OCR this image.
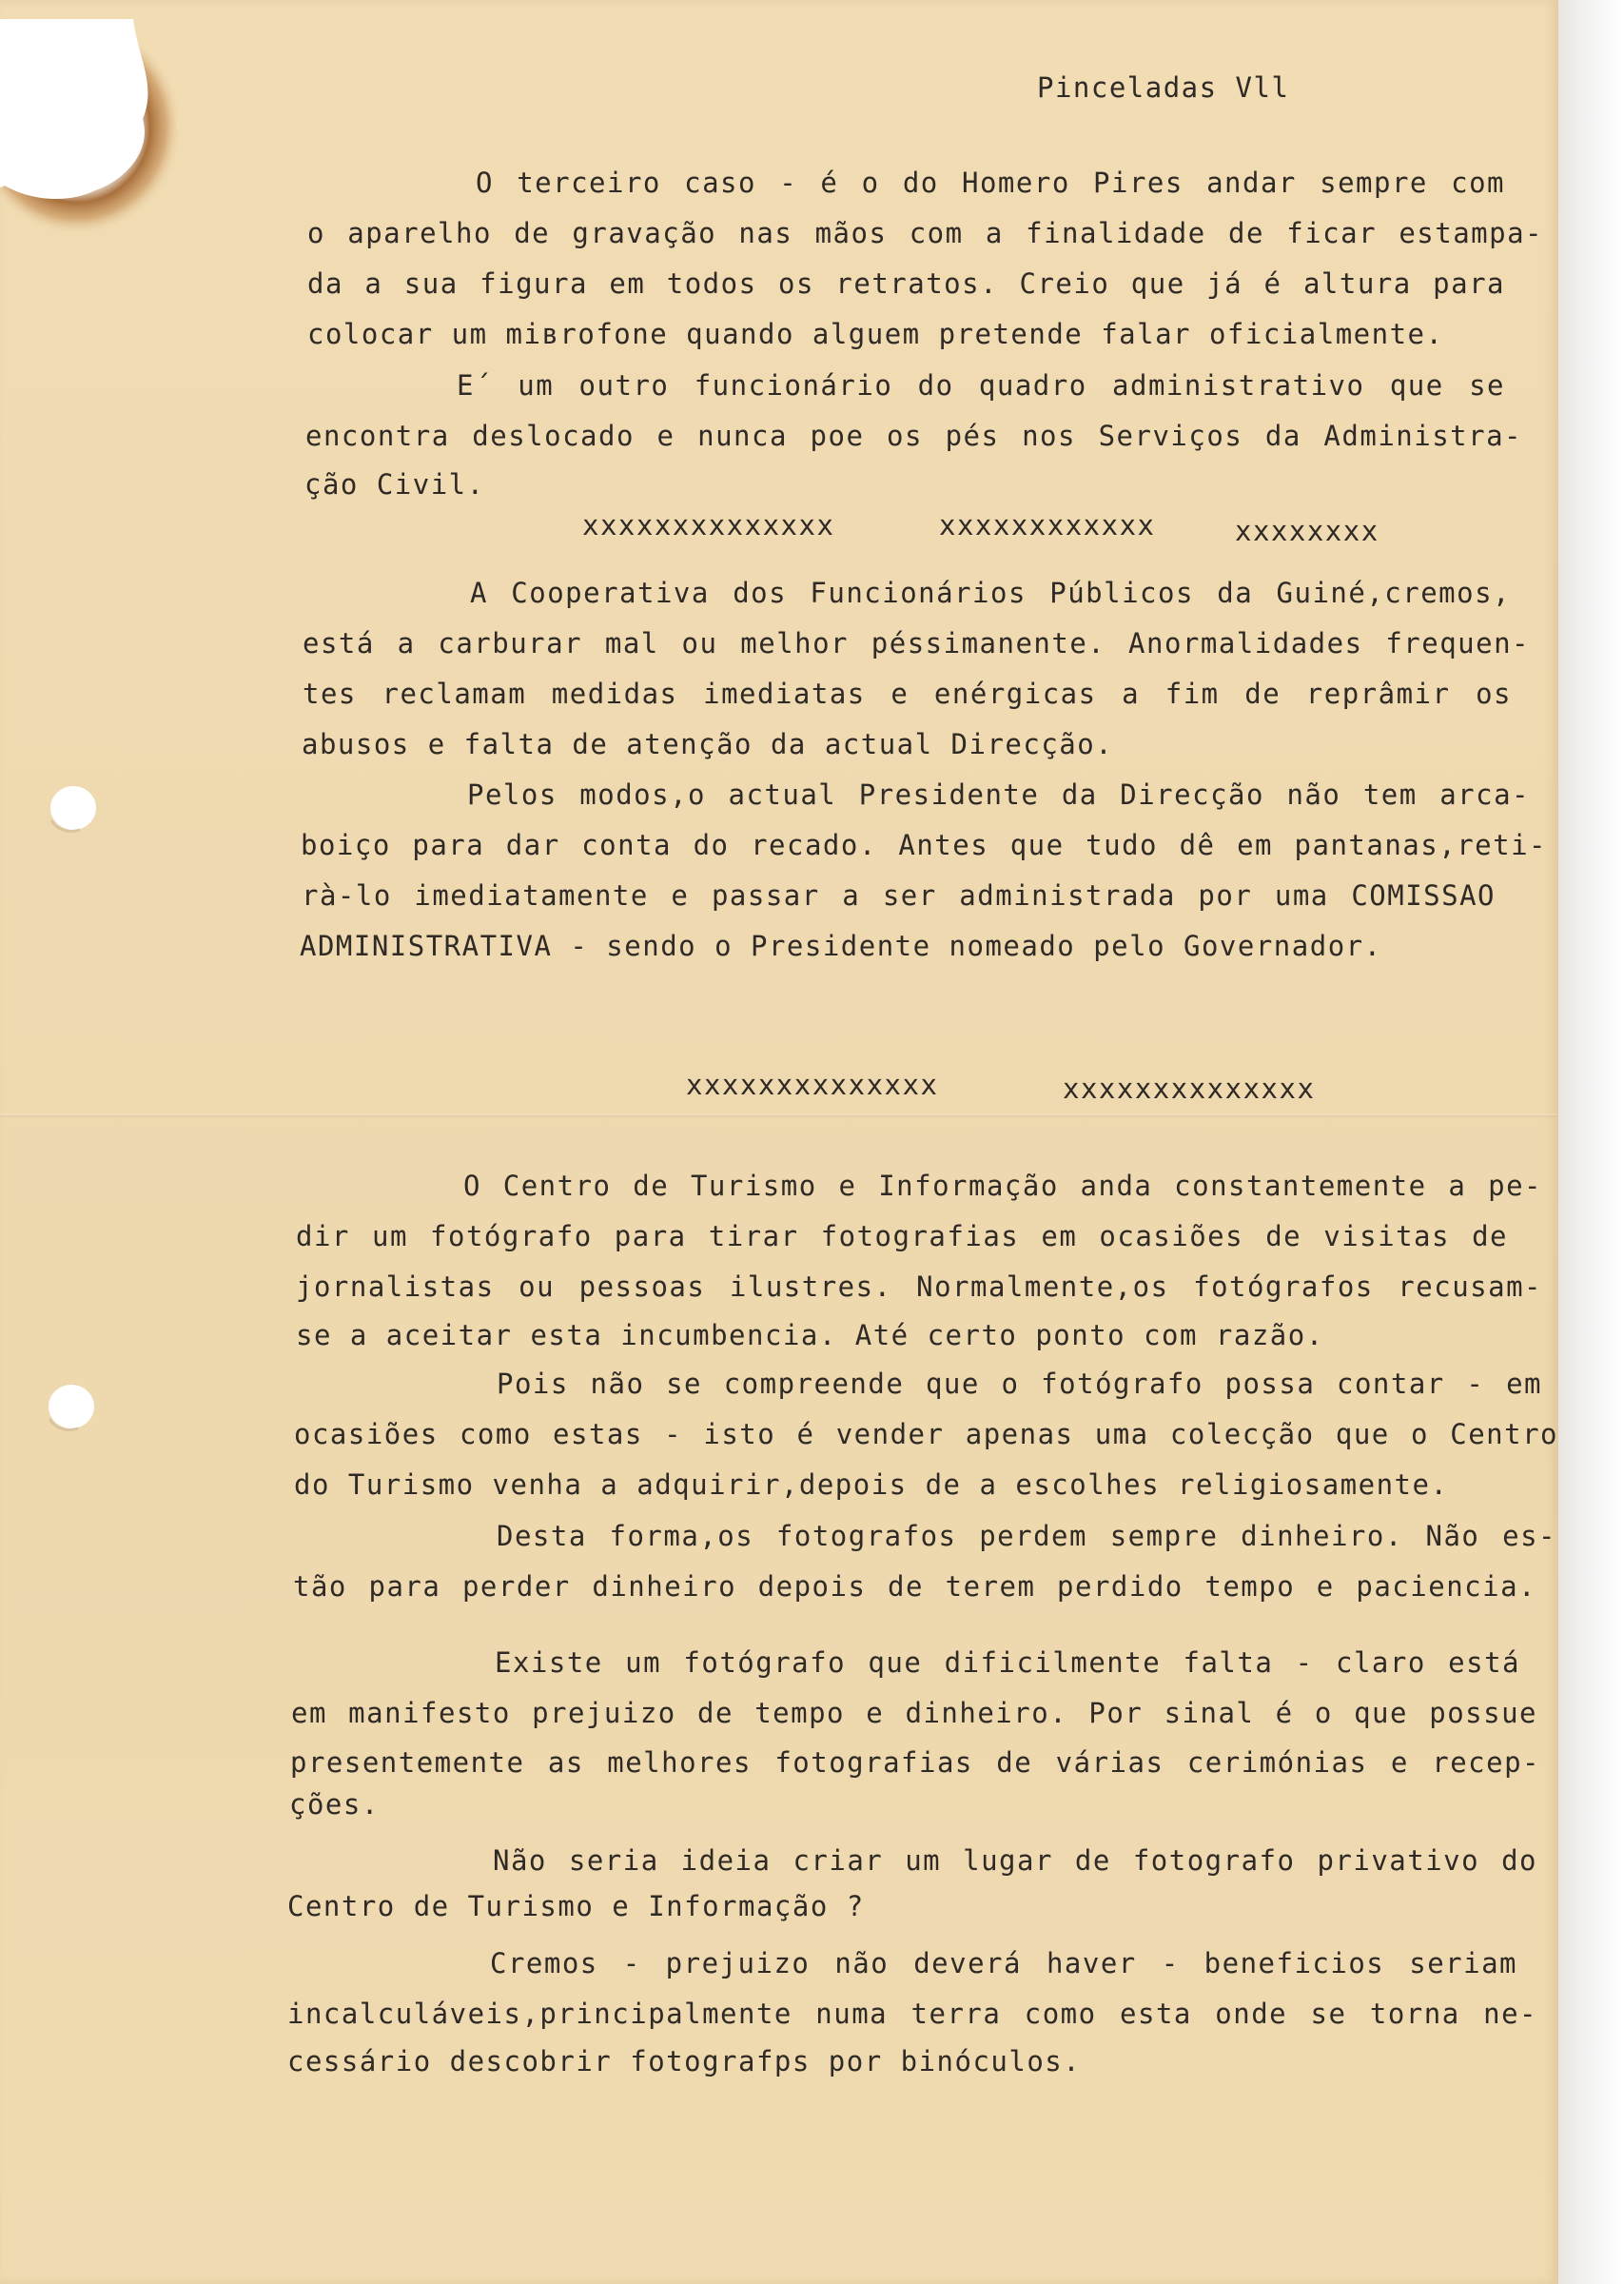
Pinceladas Vll
O terceiro caso - é o do Homero Pires andar sempre com
o aparelho de gravação nas mãos com a finalidade de ficar estampa-
da a sua figura em todos os retratos. Creio que já é altura para
colocar um miвrofone quando alguem pretende falar oficialmente.
E´ um outro funcionário do quadro administrativo que se
encontra deslocado e nunca poe os pés nos Serviços da Administra-
ção Civil.
xxxxxxxxxxxxxx	xxxxxxxxxxxx	xxxxxxxx
A Cooperativa dos Funcionários Públicos da Guiné,cremos,
está a carburar mal ou melhor péssimanente. Anormalidades frequen-
tes reclamam medidas imediatas e enérgicas a fim de reprâmir os
abusos e falta de atenção da actual Direcção.
Pelos modos,o actual Presidente da Direcção não tem arca-
boiço para dar conta do recado. Antes que tudo dê em pantanas,reti-
rà-lo imediatamente e passar a ser administrada por uma COMISSAO
ADMINISTRATIVA - sendo o Presidente nomeado pelo Governador.
xxxxxxxxxxxxxx	xxxxxxxxxxxxxx
O Centro de Turismo e Informação anda constantemente a pe-
dir um fotógrafo para tirar fotografias em ocasiões de visitas de
jornalistas ou pessoas ilustres. Normalmente,os fotógrafos recusam-
se a aceitar esta incumbencia. Até certo ponto com razão.
Pois não se compreende que o fotógrafo possa contar - em
ocasiões como estas - isto é vender apenas uma colecção que o Centro
do Turismo venha a adquirir,depois de a escolhes religiosamente.
Desta forma,os fotografos perdem sempre dinheiro. Não es-
tão para perder dinheiro depois de terem perdido tempo e paciencia.
Existe um fotógrafo que dificilmente falta - claro está
em manifesto prejuizo de tempo e dinheiro. Por sinal é o que possue
presentemente as melhores fotografias de várias cerimónias e recep-
ções.
Não seria ideia criar um lugar de fotografo privativo do
Centro de Turismo e Informação ?
Cremos - prejuizo não deverá haver - beneficios seriam
incalculáveis,principalmente numa terra como esta onde se torna ne-
cessário descobrir fotografps por binóculos.
